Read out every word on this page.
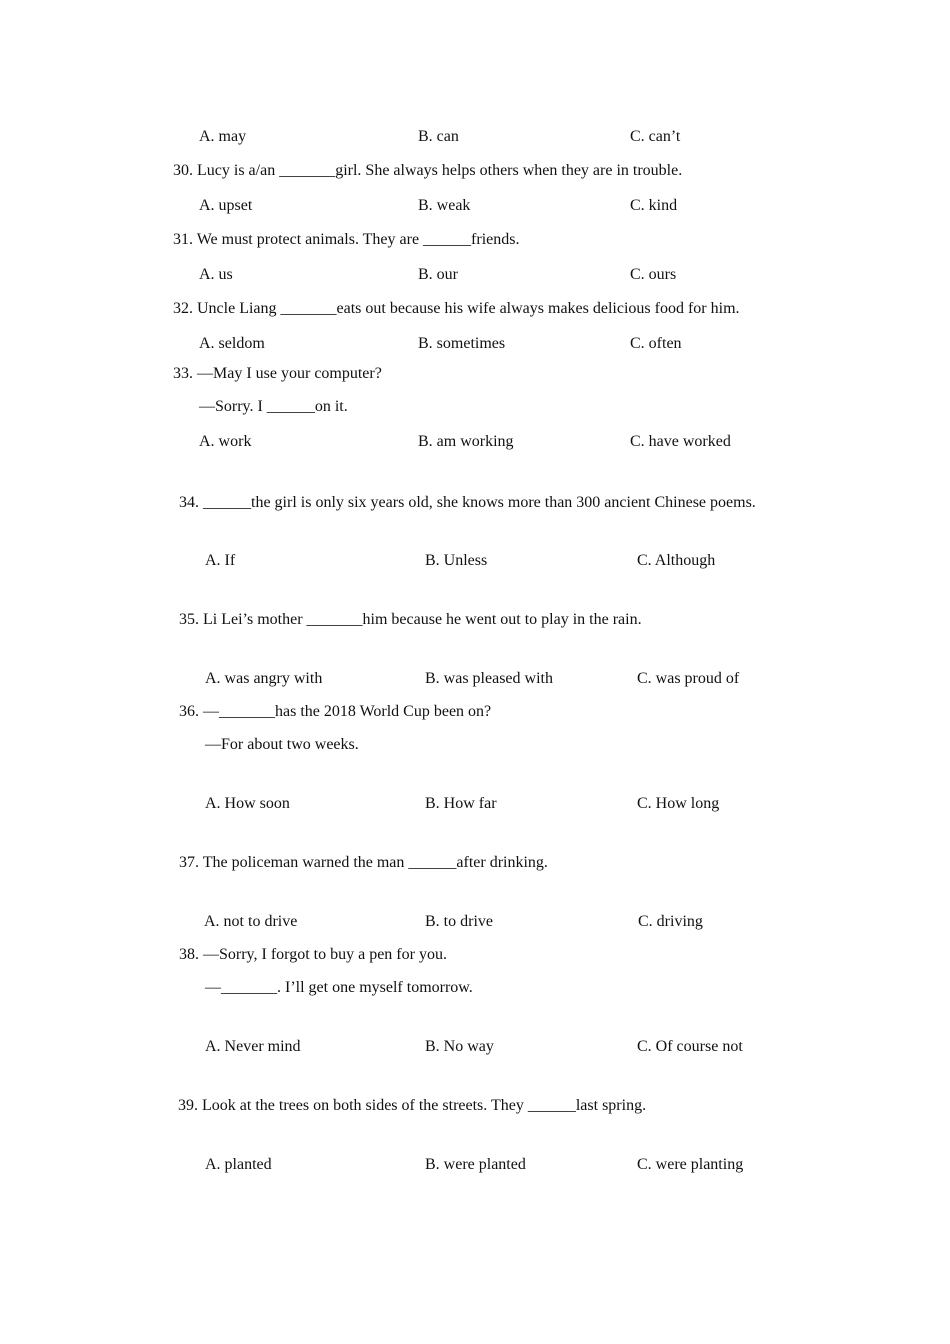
A. may	B. can	C. can’t
30. Lucy is a/an _______girl. She always helps others when they are in trouble.
A. upset	B. weak	C. kind
31. We must protect animals. They are ______friends.
A. us	B. our	C. ours
32. Uncle Liang _______eats out because his wife always makes delicious food for him.
A. seldom	B. sometimes	C. often
33. —May I use your computer?
—Sorry. I ______on it.
A. work	B. am working	C. have worked
34. ______the girl is only six years old, she knows more than 300 ancient Chinese poems.
A. If	B. Unless	C. Although
35. Li Lei’s mother _______him because he went out to play in the rain.
A. was angry with	B. was pleased with	C. was proud of
36. —_______has the 2018 World Cup been on?
—For about two weeks.
A. How soon	B. How far	C. How long
37. The policeman warned the man ______after drinking.
A. not to drive	B. to drive	C. driving
38. —Sorry, I forgot to buy a pen for you.
—_______. I’ll get one myself tomorrow.
A. Never mind	B. No way	C. Of course not
39. Look at the trees on both sides of the streets. They ______last spring.
A. planted	B. were planted	C. were planting
